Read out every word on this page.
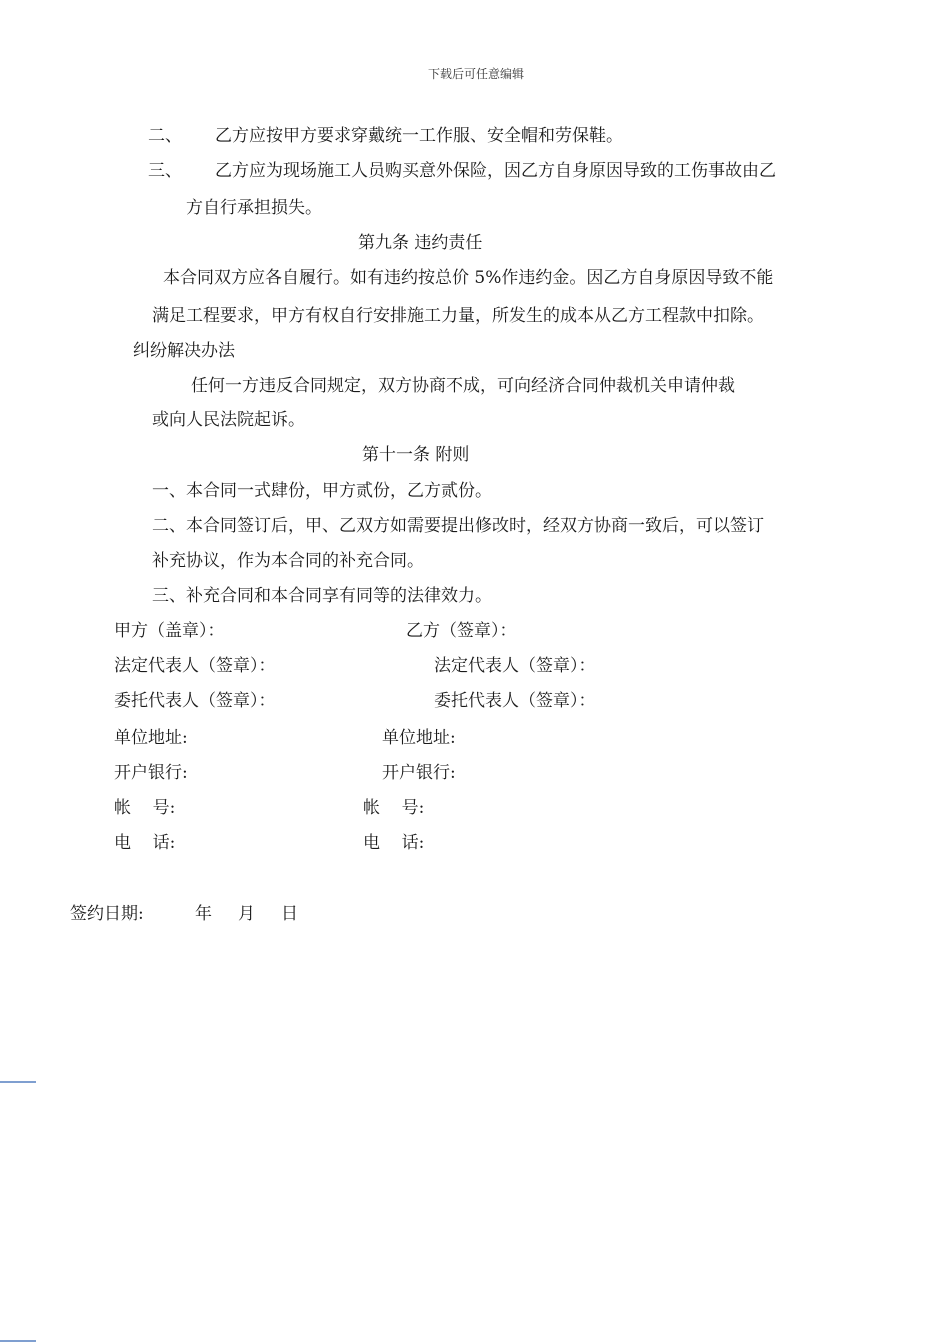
下载后可任意编辑
二、 乙方应按甲方要求穿戴统一工作服、安全帽和劳保鞋。
三、 乙方应为现场施工人员购买意外保险，因乙方自身原因导致的工伤事故由乙
方自行承担损失。
第九条 违约责任
本合同双方应各自履行。如有违约按总价 5%作违约金。因乙方自身原因导致不能
满足工程要求，甲方有权自行安排施工力量，所发生的成本从乙方工程款中扣除。
纠纷解决办法
任何一方违反合同规定，双方协商不成，可向经济合同仲裁机关申请仲裁
或向人民法院起诉。
第十一条 附则
一、本合同一式肆份，甲方贰份，乙方贰份。
二、本合同签订后，甲、乙双方如需要提出修改时，经双方协商一致后，可以签订
补充协议，作为本合同的补充合同。
三、补充合同和本合同享有同等的法律效力。
甲方（盖章）：	乙方（签章）：
法定代表人（签章）：	法定代表人（签章）：
委托代表人（签章）：	委托代表人（签章）：
单位地址:	单位地址:
开户银行:	开户银行:
帐    号:	帐    号:
电    话:	电    话:
签约日期:	年 月 日
